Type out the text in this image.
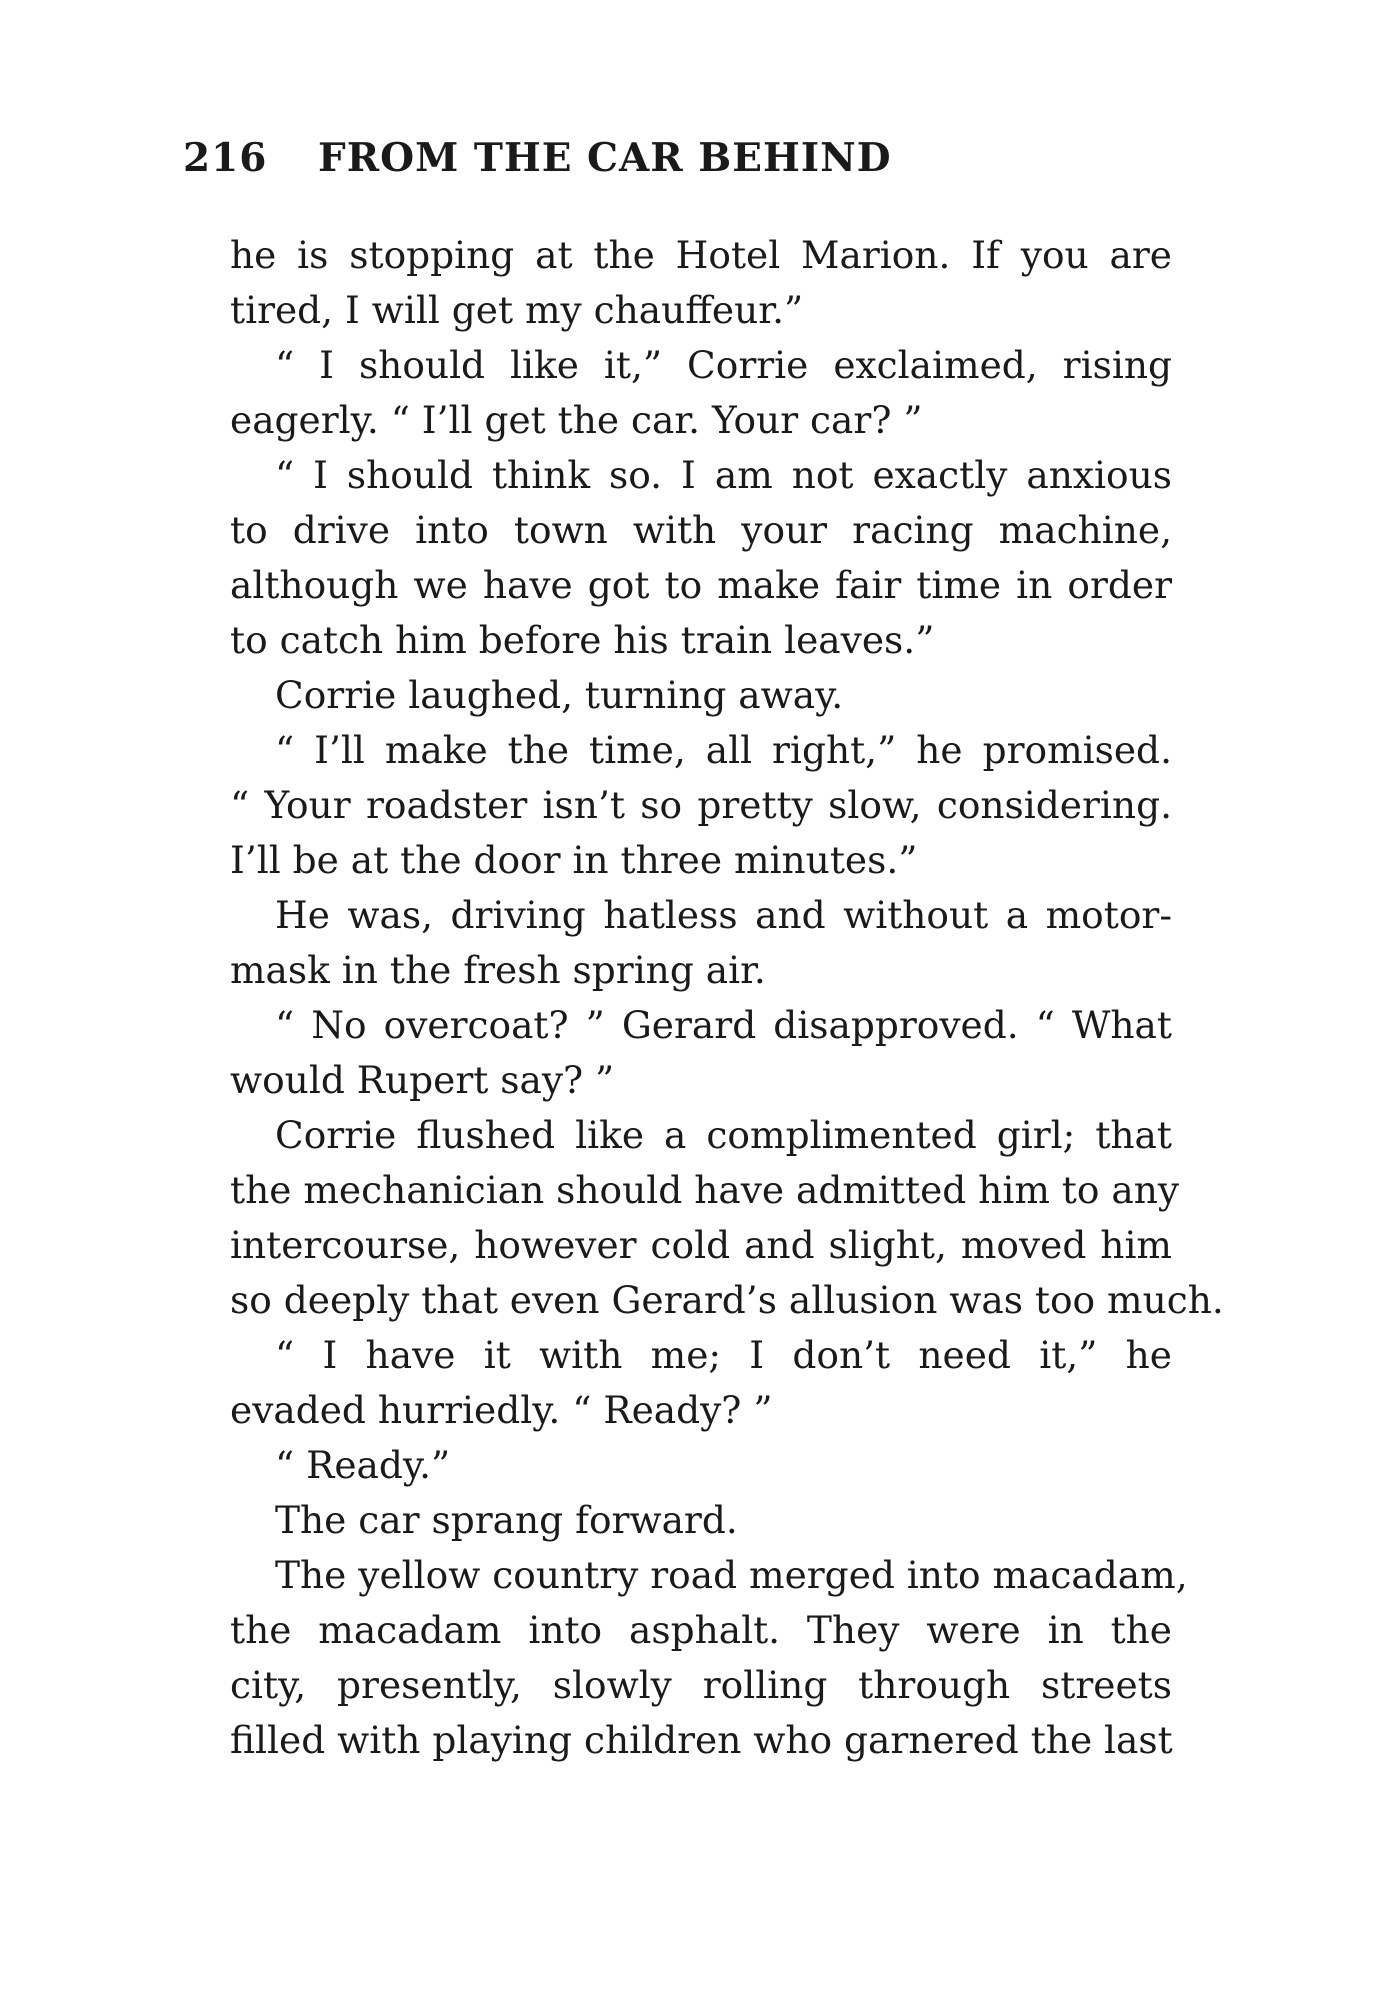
216 FROM THE CAR BEHIND
he is stopping at the Hotel Marion. If you are
tired, I will get my chauffeur.”
“ I should like it,” Corrie exclaimed, rising
eagerly. “ I’ll get the car. Your car? ”
“ I should think so. I am not exactly anxious
to drive into town with your racing machine,
although we have got to make fair time in order
to catch him before his train leaves.”
Corrie laughed, turning away.
“ I’ll make the time, all right,” he promised.
“ Your roadster isn’t so pretty slow, considering.
I’ll be at the door in three minutes.”
He was, driving hatless and without a motor-
mask in the fresh spring air.
“ No overcoat? ” Gerard disapproved. “ What
would Rupert say? ”
Corrie flushed like a complimented girl; that
the mechanician should have admitted him to any
intercourse, however cold and slight, moved him
so deeply that even Gerard’s allusion was too much.
“ I have it with me; I don’t need it,” he
evaded hurriedly. “ Ready? ”
“ Ready.”
The car sprang forward.
The yellow country road merged into macadam,
the macadam into asphalt. They were in the
city, presently, slowly rolling through streets
filled with playing children who garnered the last
